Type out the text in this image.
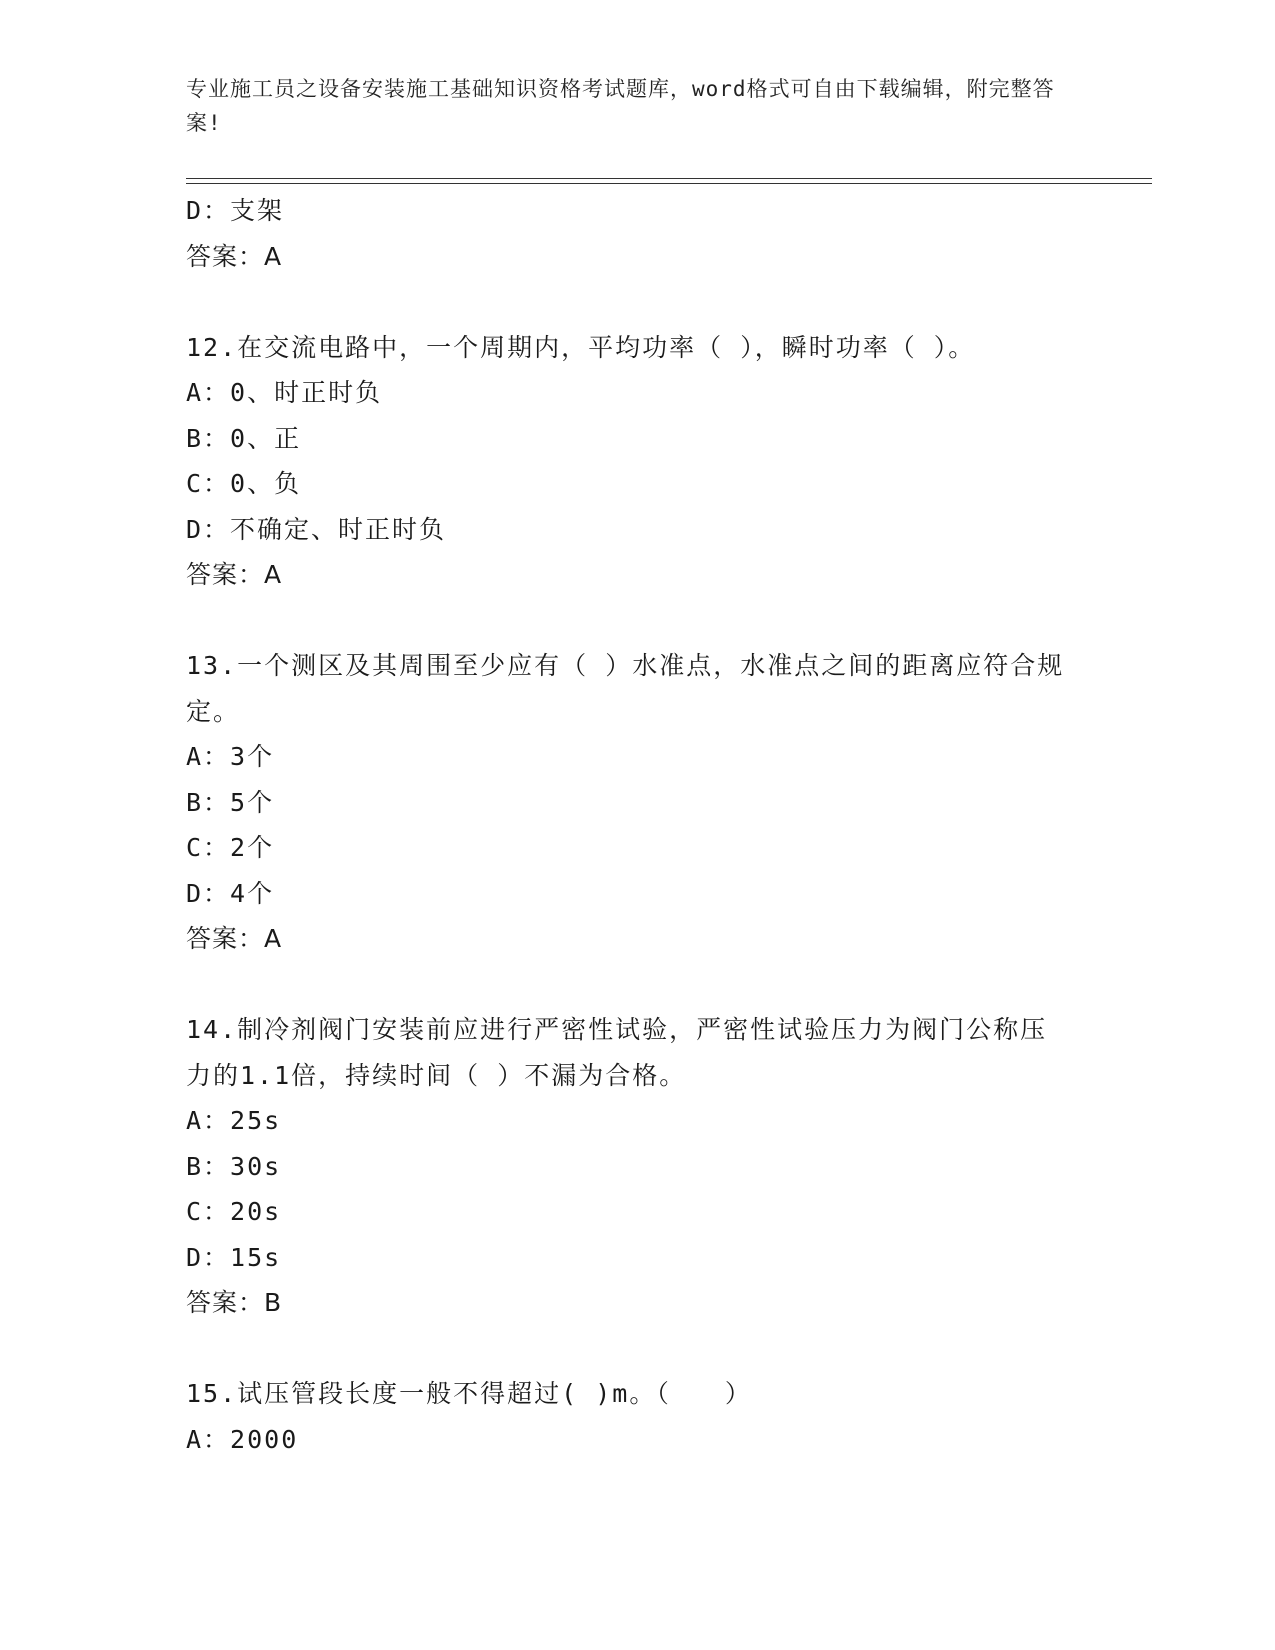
专业施工员之设备安装施工基础知识资格考试题库，word格式可自由下载编辑，附完整答案!
D：支架
答案：A
12.在交流电路中，一个周期内，平均功率（ ），瞬时功率（ ）。
A：0、时正时负
B：0、正
C：0、负
D：不确定、时正时负
答案：A
13.一个测区及其周围至少应有（ ）水准点，水准点之间的距离应符合规定。
A：3个
B：5个
C：2个
D：4个
答案：A
14.制冷剂阀门安装前应进行严密性试验，严密性试验压力为阀门公称压力的1.1倍，持续时间（ ）不漏为合格。
A：25s
B：30s
C：20s
D：15s
答案：B
15.试压管段长度一般不得超过( )m。（　　）
A：2000
